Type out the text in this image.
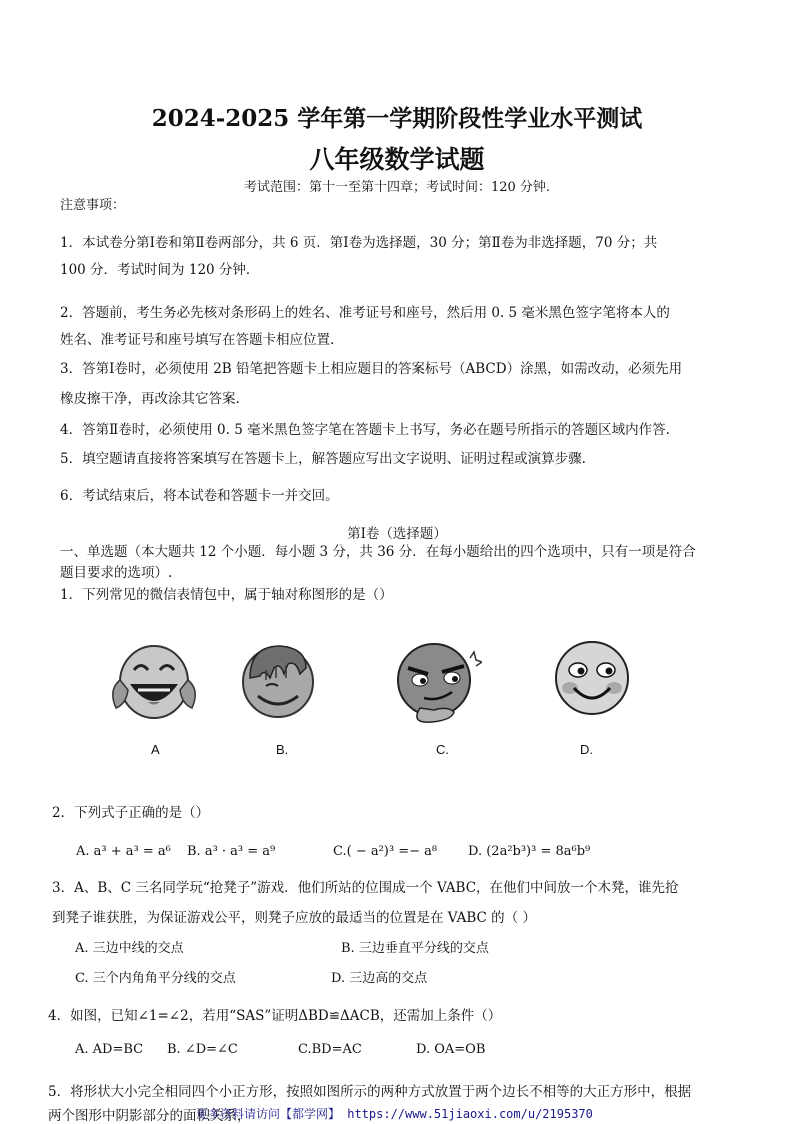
2024-2025 学年第一学期阶段性学业水平测试
八年级数学试题
考试范围：第十一至第十四章；考试时间：120 分钟.
注意事项：
1．本试卷分第Ⅰ卷和第Ⅱ卷两部分，共 6 页．第Ⅰ卷为选择题，30 分；第Ⅱ卷为非选择题，70 分；共
100 分．考试时间为 120 分钟．
2．答题前，考生务必先核对条形码上的姓名、准考证号和座号，然后用 0. 5 毫米黑色签字笔将本人的
姓名、准考证号和座号填写在答题卡相应位置.
3．答第Ⅰ卷时，必须使用 2B 铅笔把答题卡上相应题目的答案标号（ABCD）涂黑，如需改动，必须先用
橡皮擦干净，再改涂其它答案.
4．答第Ⅱ卷时，必须使用 0. 5 毫米黑色签字笔在答题卡上书写，务必在题号所指示的答题区域内作答.
5．填空题请直接将答案填写在答题卡上，解答题应写出文字说明、证明过程或演算步骤.
6．考试结束后，将本试卷和答题卡一并交回。
第Ⅰ卷（选择题）
一、单选题（本大题共 12 个小题．每小题 3 分，共 36 分．在每小题给出的四个选项中，只有一项是符合
题目要求的选项）.
1．下列常见的微信表情包中，属于轴对称图形的是（）
A	B.	C.	D.
2．下列式子正确的是（）
A. a³ + a³ = a⁶ B. a³ · a³ = a⁹	C.( − a²)³ =− a⁸ D. (2a²b³)³ = 8a⁶b⁹
3．A、B、C 三名同学玩“抢凳子”游戏．他们所站的位围成一个 VABC，在他们中间放一个木凳，谁先抢
到凳子谁获胜，为保证游戏公平，则凳子应放的最适当的位置是在 VABC 的（ ）
A. 三边中线的交点	B. 三边垂直平分线的交点
C. 三个内角角平分线的交点	D. 三边高的交点
4．如图，已知∠1=∠2，若用“SAS”证明ΔBD≌ΔACB，还需加上条件（）
A. AD=BC B. ∠D=∠C	C.BD=AC	D. OA=OB
5．将形状大小完全相同四个小正方形，按照如图所示的两种方式放置于两个边长不相等的大正方形中，根据
两个图形中阴影部分的面积关系，
更多资料请访问【都学网】 https://www.51jiaoxi.com/u/2195370
